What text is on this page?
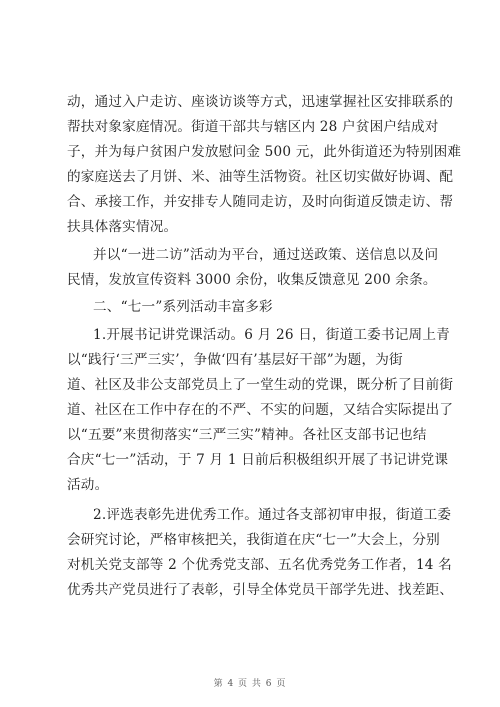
动，通过入户走访、座谈访谈等方式，迅速掌握社区安排联系的
帮扶对象家庭情况。街道干部共与辖区内 28 户贫困户结成对
子，并为每户贫困户发放慰问金 500 元，此外街道还为特别困难
的家庭送去了月饼、米、油等生活物资。社区切实做好协调、配
合、承接工作，并安排专人随同走访，及时向街道反馈走访、帮
扶具体落实情况。
并以“一进二访”活动为平台，通过送政策、送信息以及问
民情，发放宣传资料 3000 余份，收集反馈意见 200 余条。
二、“七一”系列活动丰富多彩
1.开展书记讲党课活动。6 月 26 日，街道工委书记周上青
以“践行‘三严三实’，争做‘四有’基层好干部”为题，为街
道、社区及非公支部党员上了一堂生动的党课，既分析了目前街
道、社区在工作中存在的不严、不实的问题，又结合实际提出了
以“五要”来贯彻落实“三严三实”精神。各社区支部书记也结
合庆“七一”活动，于 7 月 1 日前后积极组织开展了书记讲党课
活动。
2.评选表彰先进优秀工作。通过各支部初审申报，街道工委
会研究讨论，严格审核把关，我街道在庆“七一”大会上，分别
对机关党支部等 2 个优秀党支部、五名优秀党务工作者，14 名
优秀共产党员进行了表彰，引导全体党员干部学先进、找差距、
第 4 页 共 6 页
